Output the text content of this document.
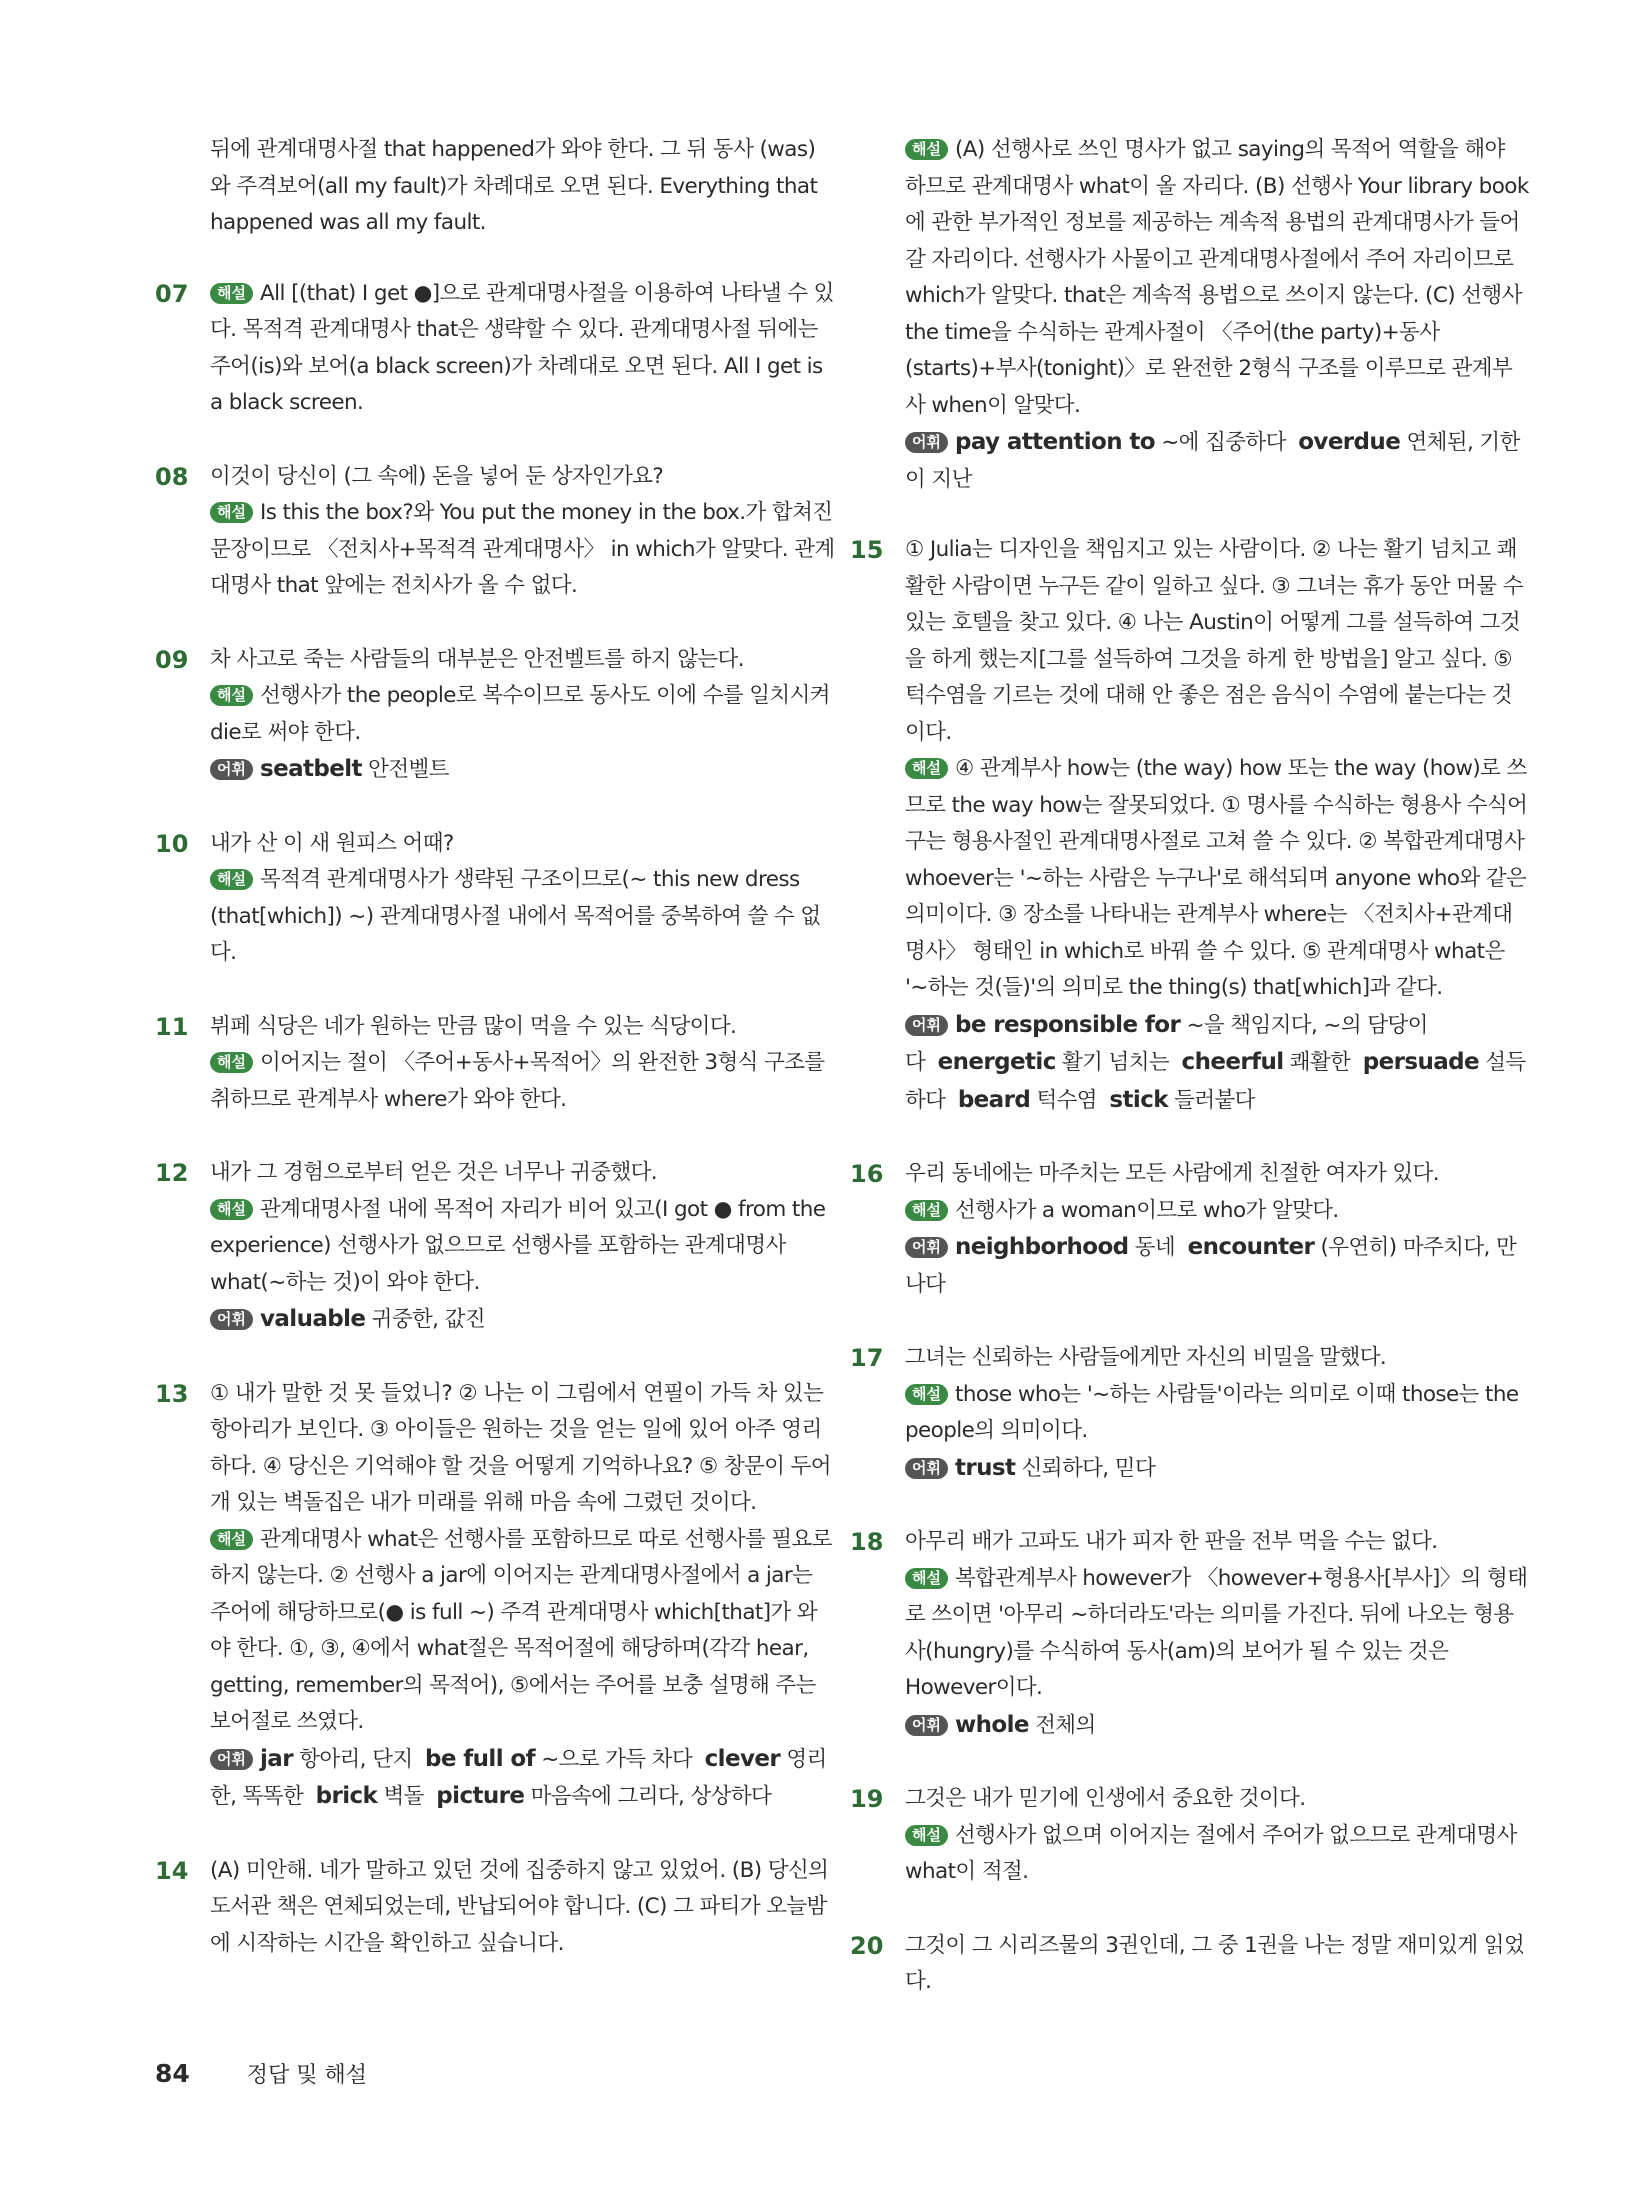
뒤에 관계대명사절 that happened가 와야 한다. 그 뒤 동사 (was)와 주격보어(all my fault)가 차례대로 오면 된다. Everything that happened was all my fault.
07	해설 All [(that) I get ●]으로 관계대명사절을 이용하여 나타낼 수 있다. 목적격 관계대명사 that은 생략할 수 있다. 관계대명사절 뒤에는 주어(is)와 보어(a black screen)가 차례대로 오면 된다. All I get is a black screen.
08	이것이 당신이 (그 속에) 돈을 넣어 둔 상자인가요?
해설 Is this the box?와 You put the money in the box.가 합쳐진 문장이므로 〈전치사+목적격 관계대명사〉 in which가 알맞다. 관계대명사 that 앞에는 전치사가 올 수 없다.
09	차 사고로 죽는 사람들의 대부분은 안전벨트를 하지 않는다.
해설 선행사가 the people로 복수이므로 동사도 이에 수를 일치시켜 die로 써야 한다.
어휘 seatbelt 안전벨트
10	내가 산 이 새 원피스 어때?
해설 목적격 관계대명사가 생략된 구조이므로(~ this new dress (that[which]) ~) 관계대명사절 내에서 목적어를 중복하여 쓸 수 없다.
11	뷔페 식당은 네가 원하는 만큼 많이 먹을 수 있는 식당이다.
해설 이어지는 절이 〈주어+동사+목적어〉의 완전한 3형식 구조를 취하므로 관계부사 where가 와야 한다.
12	내가 그 경험으로부터 얻은 것은 너무나 귀중했다.
해설 관계대명사절 내에 목적어 자리가 비어 있고(I got ● from the experience) 선행사가 없으므로 선행사를 포함하는 관계대명사 what(~하는 것)이 와야 한다.
어휘 valuable 귀중한, 값진
13	① 내가 말한 것 못 들었니? ② 나는 이 그림에서 연필이 가득 차 있는 항아리가 보인다. ③ 아이들은 원하는 것을 얻는 일에 있어 아주 영리하다. ④ 당신은 기억해야 할 것을 어떻게 기억하나요? ⑤ 창문이 두어 개 있는 벽돌집은 내가 미래를 위해 마음 속에 그렸던 것이다.
해설 관계대명사 what은 선행사를 포함하므로 따로 선행사를 필요로 하지 않는다. ② 선행사 a jar에 이어지는 관계대명사절에서 a jar는 주어에 해당하므로(● is full ~) 주격 관계대명사 which[that]가 와야 한다. ①, ③, ④에서 what절은 목적어절에 해당하며(각각 hear, getting, remember의 목적어), ⑤에서는 주어를 보충 설명해 주는 보어절로 쓰였다.
어휘 jar 항아리, 단지 be full of ~으로 가득 차다 clever 영리한, 똑똑한 brick 벽돌 picture 마음속에 그리다, 상상하다
14	(A) 미안해. 네가 말하고 있던 것에 집중하지 않고 있었어. (B) 당신의 도서관 책은 연체되었는데, 반납되어야 합니다. (C) 그 파티가 오늘밤에 시작하는 시간을 확인하고 싶습니다.
해설 (A) 선행사로 쓰인 명사가 없고 saying의 목적어 역할을 해야 하므로 관계대명사 what이 올 자리다. (B) 선행사 Your library book에 관한 부가적인 정보를 제공하는 계속적 용법의 관계대명사가 들어갈 자리이다. 선행사가 사물이고 관계대명사절에서 주어 자리이므로 which가 알맞다. that은 계속적 용법으로 쓰이지 않는다. (C) 선행사 the time을 수식하는 관계사절이 〈주어(the party)+동사(starts)+부사(tonight)〉로 완전한 2형식 구조를 이루므로 관계부사 when이 알맞다.
어휘 pay attention to ~에 집중하다 overdue 연체된, 기한이 지난
15	① Julia는 디자인을 책임지고 있는 사람이다. ② 나는 활기 넘치고 쾌활한 사람이면 누구든 같이 일하고 싶다. ③ 그녀는 휴가 동안 머물 수 있는 호텔을 찾고 있다. ④ 나는 Austin이 어떻게 그를 설득하여 그것을 하게 했는지[그를 설득하여 그것을 하게 한 방법을] 알고 싶다. ⑤ 턱수염을 기르는 것에 대해 안 좋은 점은 음식이 수염에 붙는다는 것이다.
해설 ④ 관계부사 how는 (the way) how 또는 the way (how)로 쓰므로 the way how는 잘못되었다. ① 명사를 수식하는 형용사 수식어구는 형용사절인 관계대명사절로 고쳐 쓸 수 있다. ② 복합관계대명사 whoever는 '~하는 사람은 누구나'로 해석되며 anyone who와 같은 의미이다. ③ 장소를 나타내는 관계부사 where는 〈전치사+관계대명사〉 형태인 in which로 바꿔 쓸 수 있다. ⑤ 관계대명사 what은 '~하는 것(들)'의 의미로 the thing(s) that[which]과 같다.
어휘 be responsible for ~을 책임지다, ~의 담당이다 energetic 활기 넘치는 cheerful 쾌활한 persuade 설득하다 beard 턱수염 stick 들러붙다
16	우리 동네에는 마주치는 모든 사람에게 친절한 여자가 있다.
해설 선행사가 a woman이므로 who가 알맞다.
어휘 neighborhood 동네 encounter (우연히) 마주치다, 만나다
17	그녀는 신뢰하는 사람들에게만 자신의 비밀을 말했다.
해설 those who는 '~하는 사람들'이라는 의미로 이때 those는 the people의 의미이다.
어휘 trust 신뢰하다, 믿다
18	아무리 배가 고파도 내가 피자 한 판을 전부 먹을 수는 없다.
해설 복합관계부사 however가 〈however+형용사[부사]〉의 형태로 쓰이면 '아무리 ~하더라도'라는 의미를 가진다. 뒤에 나오는 형용사(hungry)를 수식하여 동사(am)의 보어가 될 수 있는 것은 However이다.
어휘 whole 전체의
19	그것은 내가 믿기에 인생에서 중요한 것이다.
해설 선행사가 없으며 이어지는 절에서 주어가 없으므로 관계대명사 what이 적절.
20	그것이 그 시리즈물의 3권인데, 그 중 1권을 나는 정말 재미있게 읽었다.
84	정답 및 해설
